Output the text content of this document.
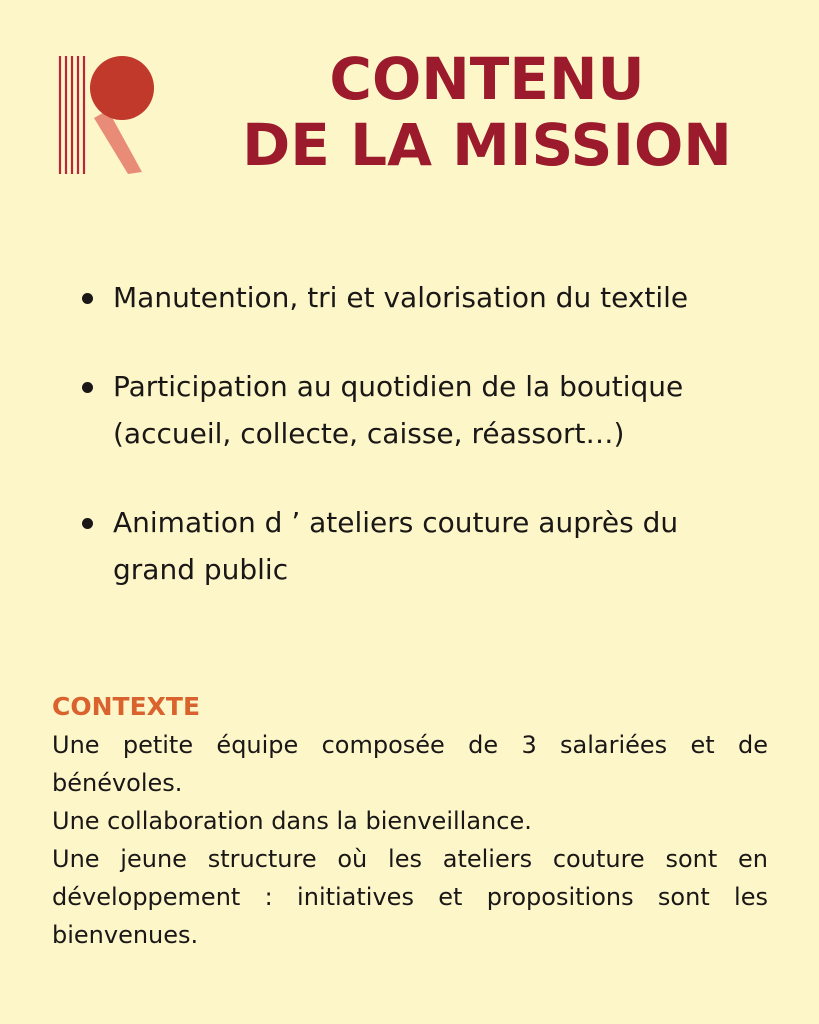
CONTENU
DE LA MISSION
Manutention, tri et valorisation du textile
Participation au quotidien de la boutique
(accueil, collecte, caisse, réassort…)
Animation d ’ ateliers couture auprès du
grand public
CONTEXTE

Une petite équipe composée de 3 salariées et de bénévoles.

Une collaboration dans la bienveillance.

Une jeune structure où les ateliers couture sont en développement : initiatives et propositions sont les bienvenues.
